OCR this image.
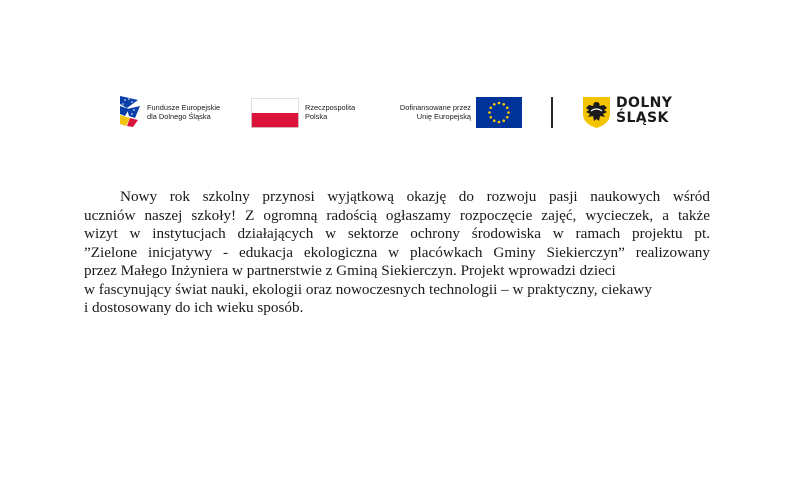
Fundusze Europejskie
dla Dolnego Śląska
Rzeczpospolita
Polska
Dofinansowane przez
Unię Europejską
DOLNY
ŚLĄSK

Nowy rok szkolny przynosi wyjątkową okazję do rozwoju pasji naukowych wśród
uczniów naszej szkoły! Z ogromną radością ogłaszamy rozpoczęcie zajęć, wycieczek, a także
wizyt w instytucjach działających w sektorze ochrony środowiska w ramach projektu pt.
”Zielone inicjatywy - edukacja ekologiczna w placówkach Gminy Siekierczyn” realizowany
przez Małego Inżyniera w partnerstwie z Gminą Siekierczyn. Projekt wprowadzi dzieci
w fascynujący świat nauki, ekologii oraz nowoczesnych technologii – w praktyczny, ciekawy
i dostosowany do ich wieku sposób.
